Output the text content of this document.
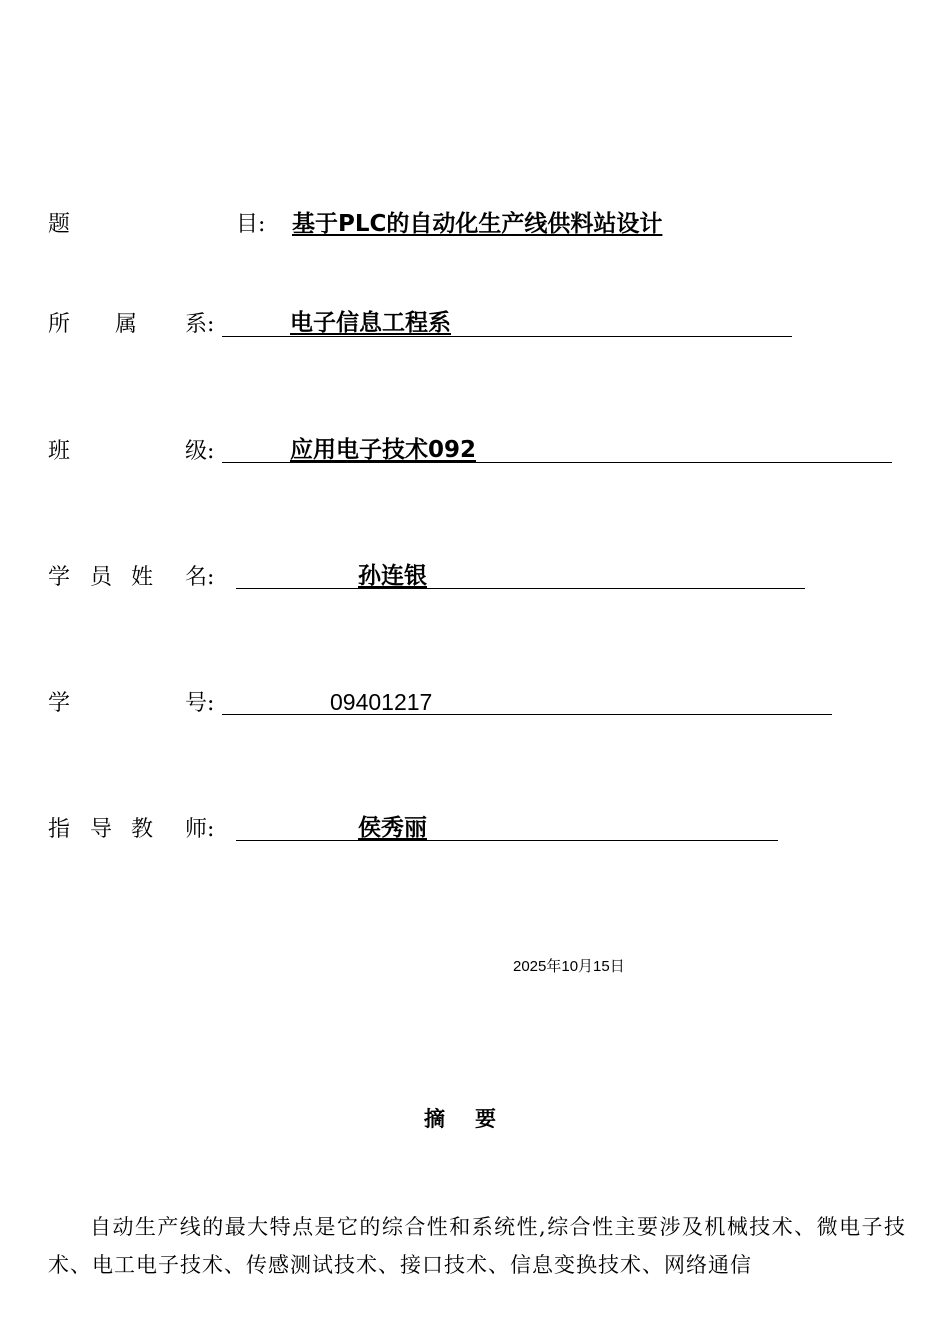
题	目: 基于PLC的自动化生产线供料站设计
所 属 系:	电子信息工程系
班	级:	应用电子技术092
学 员 姓 名:	孙连银
学	号:	09401217
指 导 教 师:	侯秀丽
2025年10月15日
摘要
自动生产线的最大特点是它的综合性和系统性,综合性主要涉及机械技术、微电子技术、电工电子技术、传感测试技术、接口技术、信息变换技术、网络通信
